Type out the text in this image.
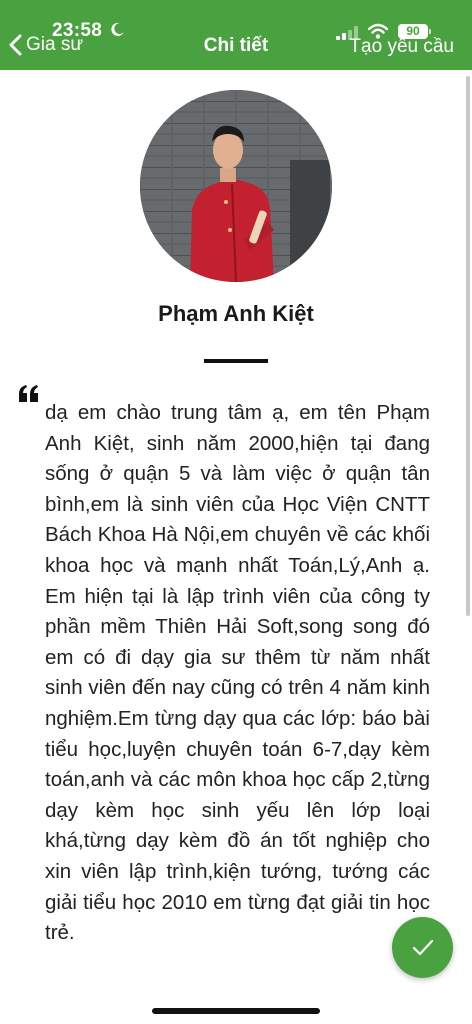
23:58
Gia sư	Chi tiết
90
Tạo yêu cầu
Phạm Anh Kiệt

dạ em chào trung tâm ạ, em tên Phạm Anh Kiệt, sinh năm 2000,hiện tại đang sống ở quận 5 và làm việc ở quận tân bình,em là sinh viên của Học Viện CNTT Bách Khoa Hà Nội,em chuyên về các khối khoa học và mạnh nhất Toán,Lý,Anh ạ. Em hiện tại là lập trình viên của công ty phần mềm Thiên Hải Soft,song song đó em có đi dạy gia sư thêm từ năm nhất sinh viên đến nay cũng có trên 4 năm kinh nghiệm.Em từng dạy qua các lớp: báo bài tiểu học,luyện chuyên toán 6-7,dạy kèm toán,anh và các môn khoa học cấp 2,từng dạy kèm học sinh yếu lên lớp loại khá,từng dạy kèm đồ án tốt nghiệp cho xin viên lập trình,kiện tướng, tướng các giải tiểu học 2010 em từng đạt giải tin học trẻ.
